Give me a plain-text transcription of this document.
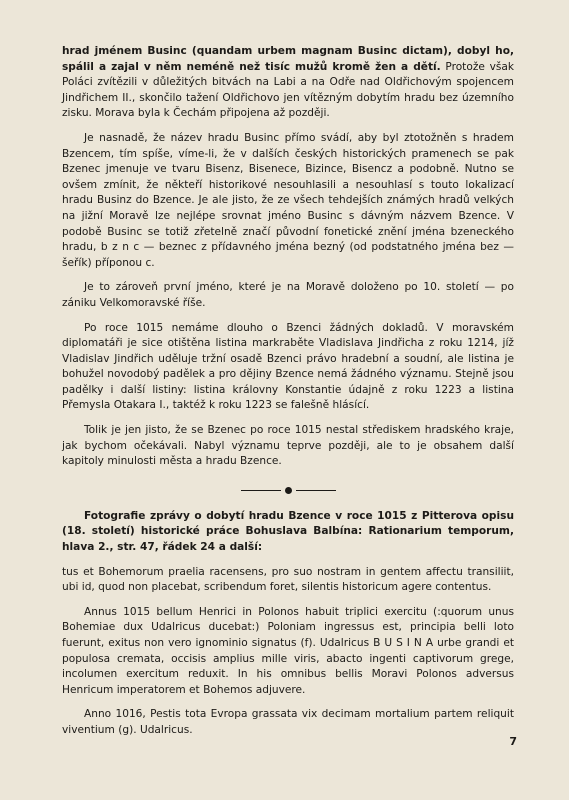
hrad jménem Businc (quandam urbem magnam Businc dictam), dobyl ho, spálil a zajal v něm neméně než tisíc mužů kromě žen a dětí. Protože však Poláci zvítězili v důležitých bitvách na Labi a na Odře nad Oldřichovým spojencem Jindřichem II., skončilo tažení Oldřichovo jen vítězným dobytím hradu bez územního zisku. Morava byla k Čechám připojena až později.

Je nasnadě, že název hradu Businc přímo svádí, aby byl ztotožněn s hradem Bzencem, tím spíše, víme-li, že v dalších českých historických pramenech se pak Bzenec jmenuje ve tvaru Bisenz, Bisenece, Bizince, Bisencz a podobně. Nutno se ovšem zmínit, že někteří historikové nesouhlasili a nesouhlasí s touto lokalizací hradu Businz do Bzence. Je ale jisto, že ze všech tehdejších známých hradů velkých na jižní Moravě lze nejlépe srovnat jméno Businc s dávným názvem Bzence. V podobě Businc se totiž zřetelně značí původní fonetické znění jména bzeneckého hradu, b z n c — beznec z přídavného jména bezný (od podstatného jména bez — šeřík) příponou c.

Je to zároveň první jméno, které je na Moravě doloženo po 10. století — po zániku Velkomoravské říše.

Po roce 1015 nemáme dlouho o Bzenci žádných dokladů. V moravském diplomatáři je sice otištěna listina markraběte Vladislava Jindřicha z roku 1214, jíž Vladislav Jindřich uděluje tržní osadě Bzenci právo hradební a soudní, ale listina je bohužel novodobý padělek a pro dějiny Bzence nemá žádného významu. Stejně jsou padělky i další listiny: listina královny Konstantie údajně z roku 1223 a listina Přemysla Otakara I., taktéž k roku 1223 se falešně hlásící.

Tolik je jen jisto, že se Bzenec po roce 1015 nestal střediskem hradského kraje, jak bychom očekávali. Nabyl významu teprve později, ale to je obsahem další kapitoly minulosti města a hradu Bzence.

Fotografie zprávy o dobytí hradu Bzence v roce 1015 z Pitterova opisu (18. století) historické práce Bohuslava Balbína: Rationarium temporum, hlava 2., str. 47, řádek 24 a další:

tus et Bohemorum praelia racensens, pro suo nostram in gentem affectu transiliit, ubi id, quod non placebat, scribendum foret, silentis historicum agere contentus.

Annus 1015 bellum Henrici in Polonos habuit triplici exercitu (:quorum unus Bohemiae dux Udalricus ducebat:) Poloniam ingressus est, principia belli loto fuerunt, exitus non vero ignominio signatus (f). Udalricus B U S I N A urbe grandi et populosa cremata, occisis amplius mille viris, abacto ingenti captivorum grege, incolumen exercitum reduxit. In his omnibus bellis Moravi Polonos adversus Henricum imperatorem et Bohemos adjuvere.

Anno 1016, Pestis tota Evropa grassata vix decimam mortalium partem reliquit viventium (g). Udalricus.

7
